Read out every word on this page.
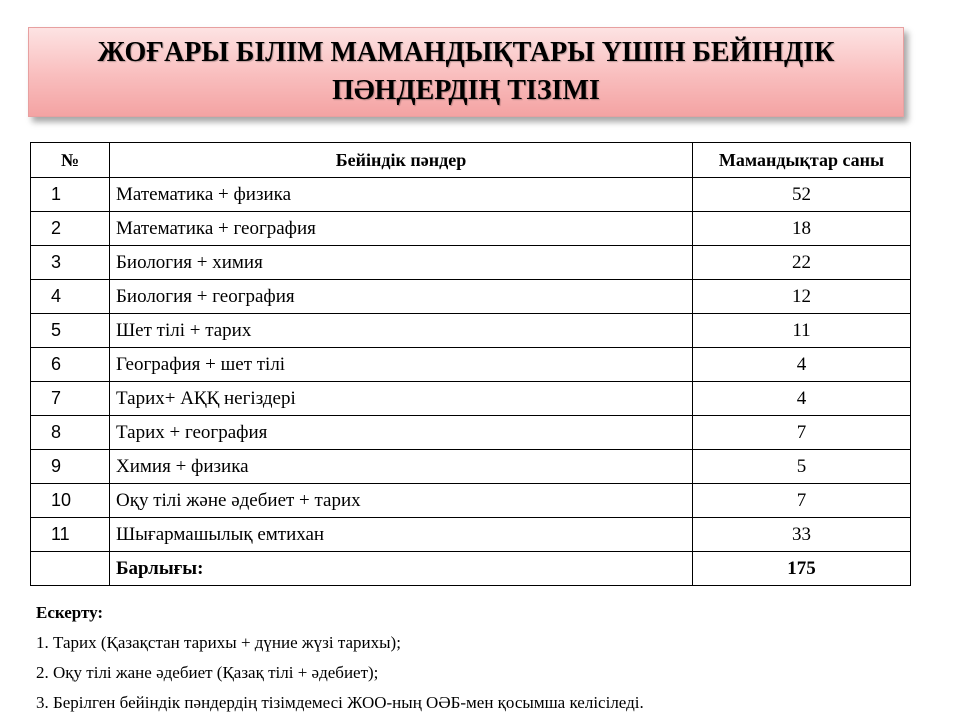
ЖОҒАРЫ БІЛІМ МАМАНДЫҚТАРЫ ҮШІН БЕЙІНДІК
ПӘНДЕРДІҢ ТІЗІМІ
№	Бейіндік пәндер	Мамандықтар саны
1	Математика + физика	52
2	Математика + география	18
3	Биология + химия	22
4	Биология + география	12
5	Шет тілі + тарих	11
6	География + шет тілі	4
7	Тарих+ АҚҚ негіздері	4
8	Тарих + география	7
9	Химия + физика	5
10	Оқу тілі және әдебиет + тарих	7
11	Шығармашылық емтихан	33
	Барлығы:	175
Ескерту:
1. Тарих (Қазақстан тарихы + дүние жүзі тарихы);
2. Оқу тілі жане әдебиет (Қазақ тілі + әдебиет);
3. Берілген бейіндік пәндердің тізімдемесі ЖОО-ның ОӘБ-мен қосымша келісіледі.
